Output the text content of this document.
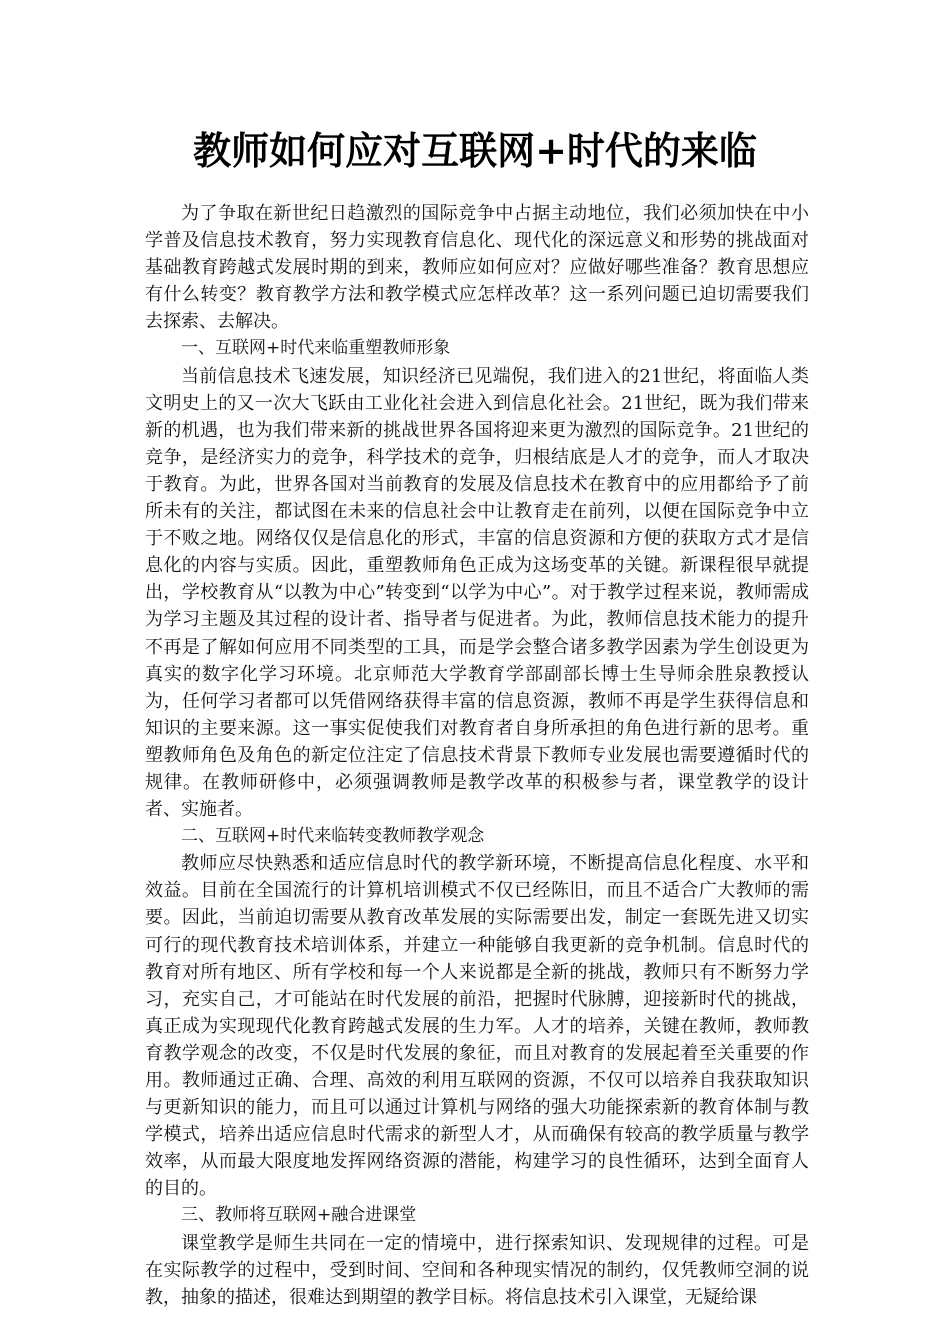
教师如何应对互联网+时代的来临

为了争取在新世纪日趋激烈的国际竞争中占据主动地位，我们必须加快在中小学普及信息技术教育，努力实现教育信息化、现代化的深远意义和形势的挑战面对基础教育跨越式发展时期的到来，教师应如何应对？应做好哪些准备？教育思想应有什么转变？教育教学方法和教学模式应怎样改革？这一系列问题已迫切需要我们去探索、去解决。

一、互联网+时代来临重塑教师形象

当前信息技术飞速发展，知识经济已见端倪，我们进入的21世纪，将面临人类文明史上的又一次大飞跃由工业化社会进入到信息化社会。21世纪，既为我们带来新的机遇，也为我们带来新的挑战世界各国将迎来更为激烈的国际竞争。21世纪的竞争，是经济实力的竞争，科学技术的竞争，归根结底是人才的竞争，而人才取决于教育。为此，世界各国对当前教育的发展及信息技术在教育中的应用都给予了前所未有的关注，都试图在未来的信息社会中让教育走在前列，以便在国际竞争中立于不败之地。网络仅仅是信息化的形式，丰富的信息资源和方便的获取方式才是信息化的内容与实质。因此，重塑教师角色正成为这场变革的关键。新课程很早就提出，学校教育从“以教为中心”转变到“以学为中心”。对于教学过程来说，教师需成为学习主题及其过程的设计者、指导者与促进者。为此，教师信息技术能力的提升不再是了解如何应用不同类型的工具，而是学会整合诸多教学因素为学生创设更为真实的数字化学习环境。北京师范大学教育学部副部长博士生导师余胜泉教授认为，任何学习者都可以凭借网络获得丰富的信息资源，教师不再是学生获得信息和知识的主要来源。这一事实促使我们对教育者自身所承担的角色进行新的思考。重塑教师角色及角色的新定位注定了信息技术背景下教师专业发展也需要遵循时代的规律。在教师研修中，必须强调教师是教学改革的积极参与者，课堂教学的设计者、实施者。

二、互联网+时代来临转变教师教学观念

教师应尽快熟悉和适应信息时代的教学新环境，不断提高信息化程度、水平和效益。目前在全国流行的计算机培训模式不仅已经陈旧，而且不适合广大教师的需要。因此，当前迫切需要从教育改革发展的实际需要出发，制定一套既先进又切实可行的现代教育技术培训体系，并建立一种能够自我更新的竞争机制。信息时代的教育对所有地区、所有学校和每一个人来说都是全新的挑战，教师只有不断努力学习，充实自己，才可能站在时代发展的前沿，把握时代脉膊，迎接新时代的挑战，真正成为实现现代化教育跨越式发展的生力军。人才的培养，关键在教师，教师教育教学观念的改变，不仅是时代发展的象征，而且对教育的发展起着至关重要的作用。教师通过正确、合理、高效的利用互联网的资源，不仅可以培养自我获取知识与更新知识的能力，而且可以通过计算机与网络的强大功能探索新的教育体制与教学模式，培养出适应信息时代需求的新型人才，从而确保有较高的教学质量与教学效率，从而最大限度地发挥网络资源的潜能，构建学习的良性循环，达到全面育人的目的。

三、教师将互联网+融合进课堂

课堂教学是师生共同在一定的情境中，进行探索知识、发现规律的过程。可是在实际教学的过程中，受到时间、空间和各种现实情况的制约，仅凭教师空洞的说教，抽象的描述，很难达到期望的教学目标。将信息技术引入课堂，无疑给课
